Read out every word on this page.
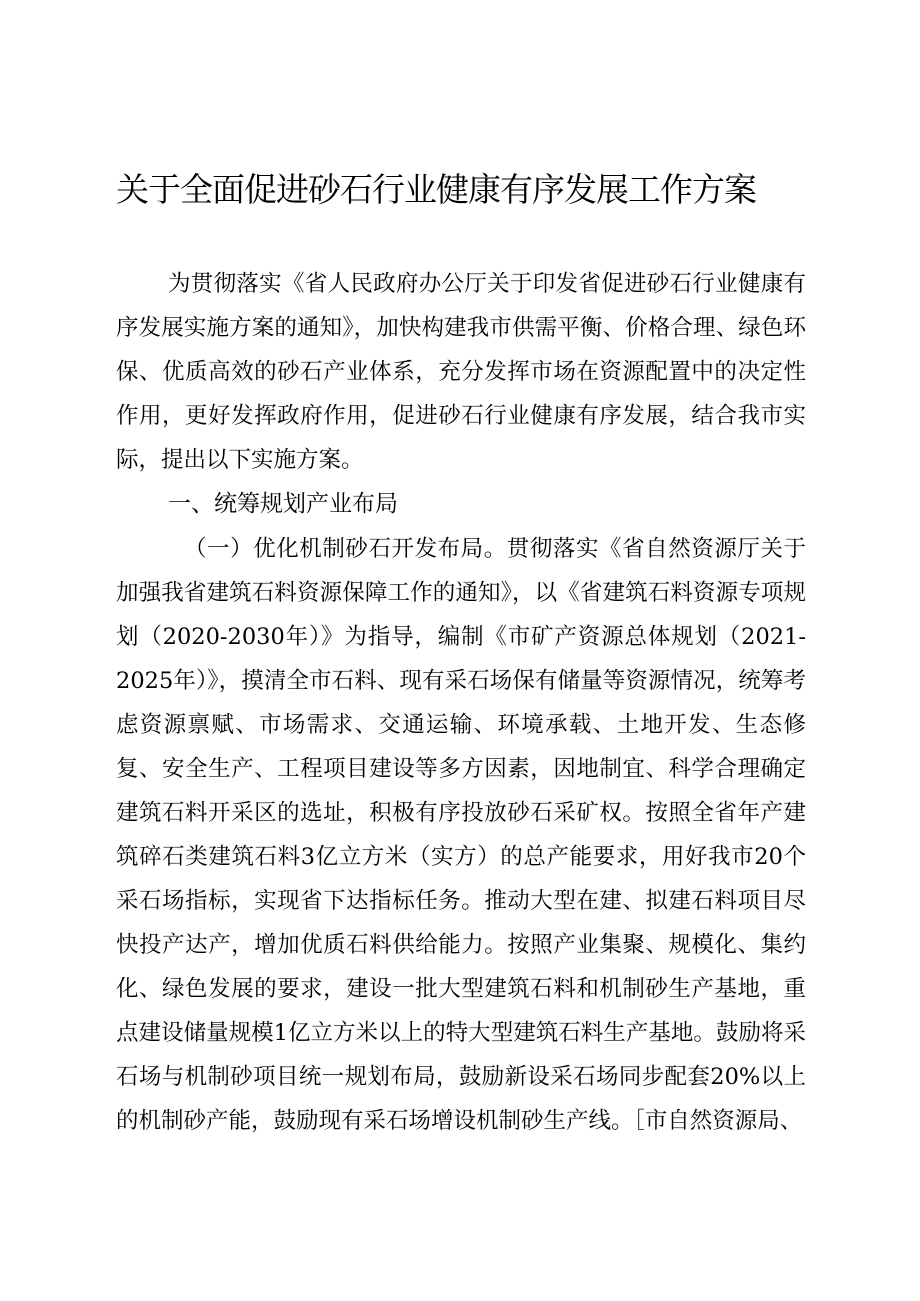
关于全面促进砂石行业健康有序发展工作方案

为贯彻落实《省人民政府办公厅关于印发省促进砂石行业健康有序发展实施方案的通知》，加快构建我市供需平衡、价格合理、绿色环保、优质高效的砂石产业体系，充分发挥市场在资源配置中的决定性作用，更好发挥政府作用，促进砂石行业健康有序发展，结合我市实际，提出以下实施方案。

一、统筹规划产业布局

（一）优化机制砂石开发布局。贯彻落实《省自然资源厅关于加强我省建筑石料资源保障工作的通知》，以《省建筑石料资源专项规划（2020-2030年）》为指导，编制《市矿产资源总体规划（2021-2025年）》，摸清全市石料、现有采石场保有储量等资源情况，统筹考虑资源禀赋、市场需求、交通运输、环境承载、土地开发、生态修复、安全生产、工程项目建设等多方因素，因地制宜、科学合理确定建筑石料开采区的选址，积极有序投放砂石采矿权。按照全省年产建筑碎石类建筑石料3亿立方米（实方）的总产能要求，用好我市20个采石场指标，实现省下达指标任务。推动大型在建、拟建石料项目尽快投产达产，增加优质石料供给能力。按照产业集聚、规模化、集约化、绿色发展的要求，建设一批大型建筑石料和机制砂生产基地，重点建设储量规模1亿立方米以上的特大型建筑石料生产基地。鼓励将采石场与机制砂项目统一规划布局，鼓励新设采石场同步配套20%以上的机制砂产能，鼓励现有采石场增设机制砂生产线。［市自然资源局、
